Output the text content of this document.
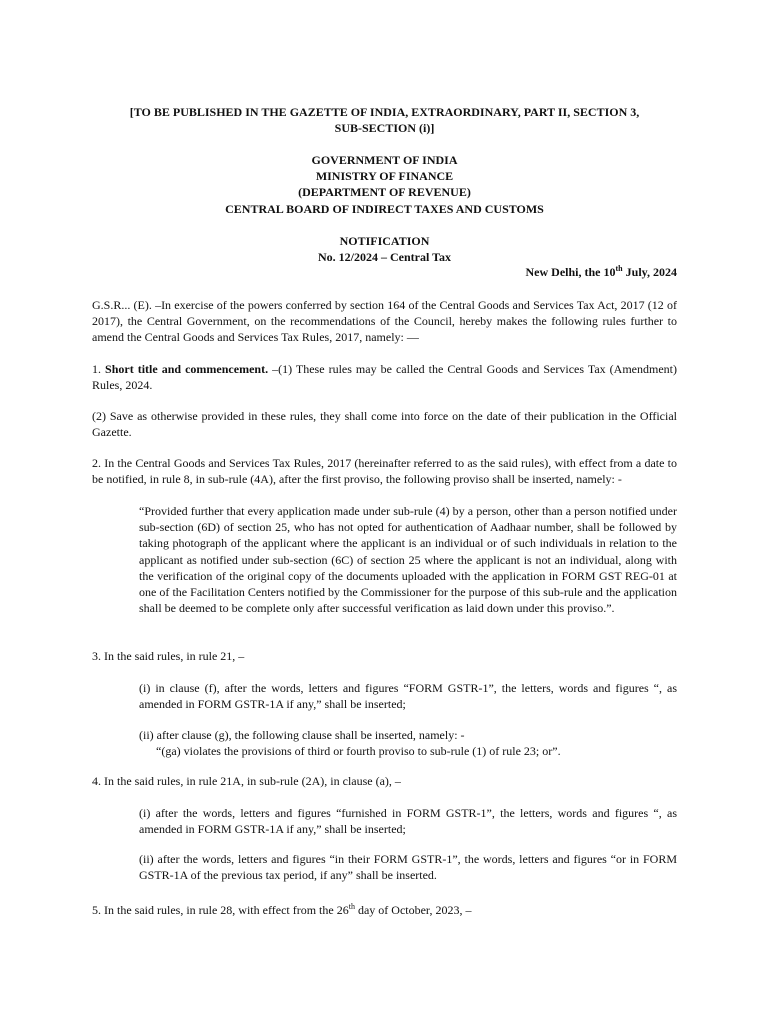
[TO BE PUBLISHED IN THE GAZETTE OF INDIA, EXTRAORDINARY, PART II, SECTION 3,
SUB-SECTION (i)]
GOVERNMENT OF INDIA
MINISTRY OF FINANCE
(DEPARTMENT OF REVENUE)
CENTRAL BOARD OF INDIRECT TAXES AND CUSTOMS
NOTIFICATION
No. 12/2024 – Central Tax
New Delhi, the 10th July, 2024
G.S.R... (E). –In exercise of the powers conferred by section 164 of the Central Goods and Services Tax Act, 2017 (12 of 2017), the Central Government, on the recommendations of the Council, hereby makes the following rules further to amend the Central Goods and Services Tax Rules, 2017, namely: —
1. Short title and commencement. –(1) These rules may be called the Central Goods and Services Tax (Amendment) Rules, 2024.
(2) Save as otherwise provided in these rules, they shall come into force on the date of their publication in the Official Gazette.
2. In the Central Goods and Services Tax Rules, 2017 (hereinafter referred to as the said rules), with effect from a date to be notified, in rule 8, in sub-rule (4A), after the first proviso, the following proviso shall be inserted, namely: -
“Provided further that every application made under sub-rule (4) by a person, other than a person notified under sub-section (6D) of section 25, who has not opted for authentication of Aadhaar number, shall be followed by taking photograph of the applicant where the applicant is an individual or of such individuals in relation to the applicant as notified under sub-section (6C) of section 25 where the applicant is not an individual, along with the verification of the original copy of the documents uploaded with the application in FORM GST REG-01 at one of the Facilitation Centers notified by the Commissioner for the purpose of this sub-rule and the application shall be deemed to be complete only after successful verification as laid down under this proviso.”.
3. In the said rules, in rule 21, –
(i) in clause (f), after the words, letters and figures “FORM GSTR-1”, the letters, words and figures “, as amended in FORM GSTR-1A if any,” shall be inserted;
(ii) after clause (g), the following clause shall be inserted, namely: -
“(ga) violates the provisions of third or fourth proviso to sub-rule (1) of rule 23; or”.
4. In the said rules, in rule 21A, in sub-rule (2A), in clause (a), –
(i) after the words, letters and figures “furnished in FORM GSTR-1”, the letters, words and figures “, as amended in FORM GSTR-1A if any,” shall be inserted;
(ii) after the words, letters and figures “in their FORM GSTR-1”, the words, letters and figures “or in FORM GSTR-1A of the previous tax period, if any” shall be inserted.
5. In the said rules, in rule 28, with effect from the 26th day of October, 2023, –
